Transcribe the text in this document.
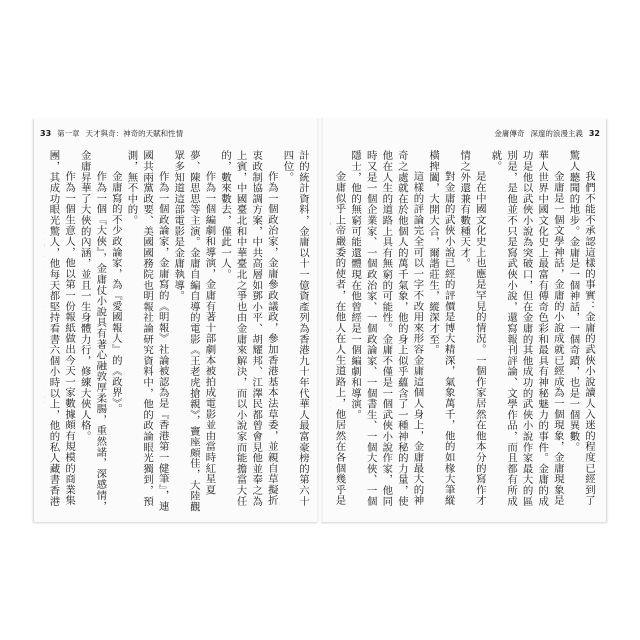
33 第一章 天才與奇：神奇的天賦和性情	金庸傳奇 深邃的浪漫主義 32

計的統計資料，金庸以十一億資產列為香港九十年代華人最富豪榜的第六十四位。

作為一個政治家，金庸參政議政，參加香港基本法草委，並親自草擬折衷政制協調方案，中共高層如鄧小平、胡耀邦、江澤民都曾會見他並奉之為上賓，中國臺北和中華臺北之爭也由金庸來解決，而以小說家而能擔當大任的，數來數去，僅此一人。

作為一個編劇和導演，金庸有著十部劇本被拍成電影並由當時紅星夏夢、陳思思等主演。金庸自編自導的電影《王老虎搶親》，竇座頗佳，大陸觀眾多知道這部電影是金庸執導。

作為一個政論家，金庸寫的《明報》社論被認為是『香港第一健筆』，連國共兩黨政要、美國國務院也明報社論研究資料中，他的政論眼光獨到，預測，無不中的。

金庸寫的不少政論家，為『愛國報人』的《政界》。

作為一個『大俠』，金庸仗小說具有著心融敦厚柔腸，重然諾，深感情，金庸昇華了大俠的內涵，並且一生身體力行，修練大俠人格。

作為一個生意人，他以第一份報紙做出今天一家數據頗有規模的商業集團，其成功眼光驚人，他每天都堅持看書六個小時以上，他的私人藏書香港	我們不能不承認這樣的事實：金庸的武俠小說讀人入迷的程度已經到了驚人聽聞的地步。金庸是一個神話，一個奇蹟，也是一個異數。

金庸是一個文學神話，金庸的小說成就已經成為一個現象，金庸現象是華人世界中國文化史上最富有傳奇色彩和最具有神秘魅力的事件。金庸的成功是他以武俠小說為突破口，但在金庸的其他成功的武俠小說作家最大的區別是，是他並不只是寫武俠小說，還寫報刊評論、文學作品，而且都有所成就。

是在中國文化史上也應是罕見的情況。一個作家居然在他本分的寫作才情之外還兼有數種天才。

對金庸的武俠小說已經的評價是博大精深，氣象萬千，他的如椽大筆縱橫捭闔，大開大合，爾諧莊生，縱深才至。

這樣的評論完全可以一字不改用來形容金庸這個人身上，金庸最大的神奇之處就在於他個人的萬千氣象，他的身上似乎蘊含了一種神秘的力量，使他在人生的道路上具有無窮的可能性。金庸不僅是一個武俠小說作家，他同時又是一個企業家、一個政治家、一個政論家、一個書生、一個大俠、一個隱士，他的無窮可能還體現在他曾經是一個編劇和導演。

金庸似乎上帝嚴委的使者，在他人在人生道路上，他居然在各個幾乎是
